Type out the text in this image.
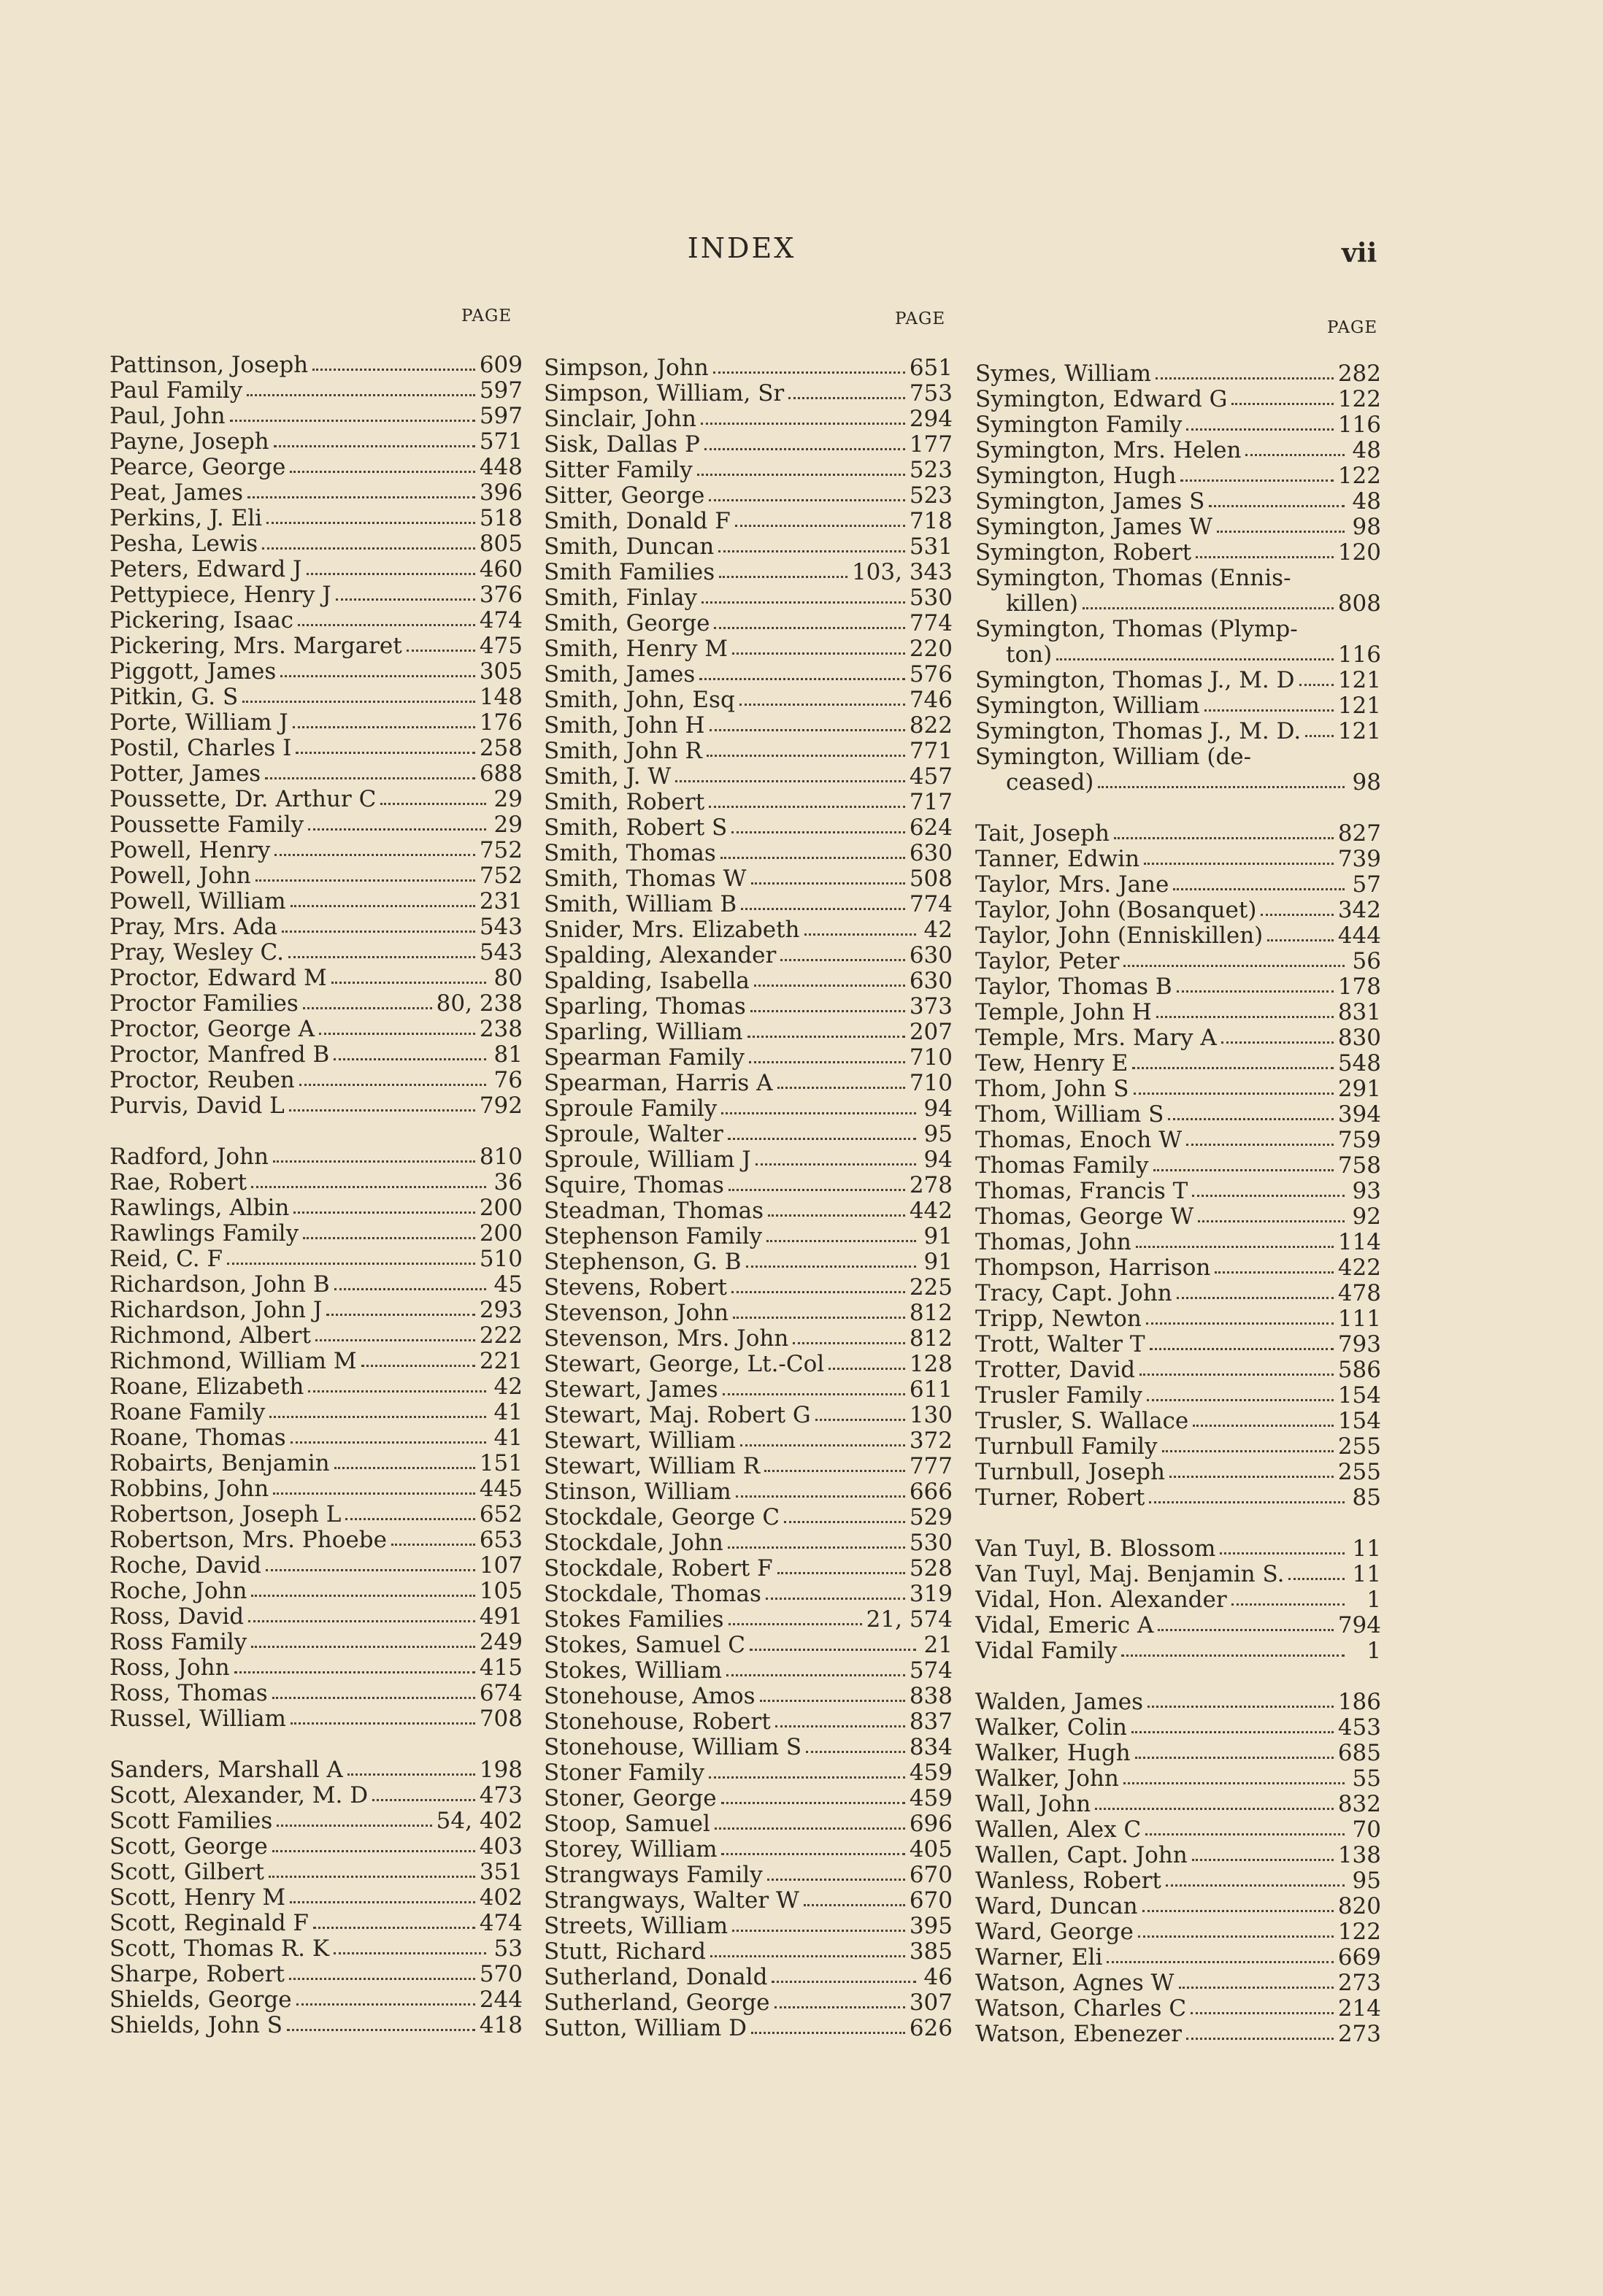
INDEX	vii
PAGE	PAGE	PAGE
Pattinson, Joseph	609
Paul Family	597
Paul, John	597
Payne, Joseph	571
Pearce, George	448
Peat, James	396
Perkins, J. Eli	518
Pesha, Lewis	805
Peters, Edward J	460
Pettypiece, Henry J	376
Pickering, Isaac	474
Pickering, Mrs. Margaret	475
Piggott, James	305
Pitkin, G. S	148
Porte, William J	176
Postil, Charles I	258
Potter, James	688
Poussette, Dr. Arthur C	29
Poussette Family	29
Powell, Henry	752
Powell, John	752
Powell, William	231
Pray, Mrs. Ada	543
Pray, Wesley C.	543
Proctor, Edward M	80
Proctor Families	80, 238
Proctor, George A	238
Proctor, Manfred B	81
Proctor, Reuben	76
Purvis, David L	792
Radford, John	810
Rae, Robert	36
Rawlings, Albin	200
Rawlings Family	200
Reid, C. F	510
Richardson, John B	45
Richardson, John J	293
Richmond, Albert	222
Richmond, William M	221
Roane, Elizabeth	42
Roane Family	41
Roane, Thomas	41
Robairts, Benjamin	151
Robbins, John	445
Robertson, Joseph L	652
Robertson, Mrs. Phoebe	653
Roche, David	107
Roche, John	105
Ross, David	491
Ross Family	249
Ross, John	415
Ross, Thomas	674
Russel, William	708
Sanders, Marshall A	198
Scott, Alexander, M. D	473
Scott Families	54, 402
Scott, George	403
Scott, Gilbert	351
Scott, Henry M	402
Scott, Reginald F	474
Scott, Thomas R. K	53
Sharpe, Robert	570
Shields, George	244
Shields, John S	418
Simpson, John	651
Simpson, William, Sr	753
Sinclair, John	294
Sisk, Dallas P	177
Sitter Family	523
Sitter, George	523
Smith, Donald F	718
Smith, Duncan	531
Smith Families	103, 343
Smith, Finlay	530
Smith, George	774
Smith, Henry M	220
Smith, James	576
Smith, John, Esq	746
Smith, John H	822
Smith, John R	771
Smith, J. W	457
Smith, Robert	717
Smith, Robert S	624
Smith, Thomas	630
Smith, Thomas W	508
Smith, William B	774
Snider, Mrs. Elizabeth	42
Spalding, Alexander	630
Spalding, Isabella	630
Sparling, Thomas	373
Sparling, William	207
Spearman Family	710
Spearman, Harris A	710
Sproule Family	94
Sproule, Walter	95
Sproule, William J	94
Squire, Thomas	278
Steadman, Thomas	442
Stephenson Family	91
Stephenson, G. B	91
Stevens, Robert	225
Stevenson, John	812
Stevenson, Mrs. John	812
Stewart, George, Lt.-Col	128
Stewart, James	611
Stewart, Maj. Robert G	130
Stewart, William	372
Stewart, William R	777
Stinson, William	666
Stockdale, George C	529
Stockdale, John	530
Stockdale, Robert F	528
Stockdale, Thomas	319
Stokes Families	21, 574
Stokes, Samuel C	21
Stokes, William	574
Stonehouse, Amos	838
Stonehouse, Robert	837
Stonehouse, William S	834
Stoner Family	459
Stoner, George	459
Stoop, Samuel	696
Storey, William	405
Strangways Family	670
Strangways, Walter W	670
Streets, William	395
Stutt, Richard	385
Sutherland, Donald	46
Sutherland, George	307
Sutton, William D	626
Symes, William	282
Symington, Edward G	122
Symington Family	116
Symington, Mrs. Helen	48
Symington, Hugh	122
Symington, James S	48
Symington, James W	98
Symington, Robert	120
Symington, Thomas (Ennis-
killen)	808
Symington, Thomas (Plymp-
ton)	116
Symington, Thomas J., M. D 121
Symington, William	121
Symington, Thomas J., M. D. 121
Symington, William (de-
ceased)	98
Tait, Joseph	827
Tanner, Edwin	739
Taylor, Mrs. Jane	57
Taylor, John (Bosanquet)	342
Taylor, John (Enniskillen)	444
Taylor, Peter	56
Taylor, Thomas B	178
Temple, John H	831
Temple, Mrs. Mary A	830
Tew, Henry E	548
Thom, John S	291
Thom, William S	394
Thomas, Enoch W	759
Thomas Family	758
Thomas, Francis T	93
Thomas, George W	92
Thomas, John	114
Thompson, Harrison	422
Tracy, Capt. John	478
Tripp, Newton	111
Trott, Walter T	793
Trotter, David	586
Trusler Family	154
Trusler, S. Wallace	154
Turnbull Family	255
Turnbull, Joseph	255
Turner, Robert	85
Van Tuyl, B. Blossom	11
Van Tuyl, Maj. Benjamin S.	11
Vidal, Hon. Alexander	1
Vidal, Emeric A	794
Vidal Family	1
Walden, James	186
Walker, Colin	453
Walker, Hugh	685
Walker, John	55
Wall, John	832
Wallen, Alex C	70
Wallen, Capt. John	138
Wanless, Robert	95
Ward, Duncan	820
Ward, George	122
Warner, Eli	669
Watson, Agnes W	273
Watson, Charles C	214
Watson, Ebenezer	273
